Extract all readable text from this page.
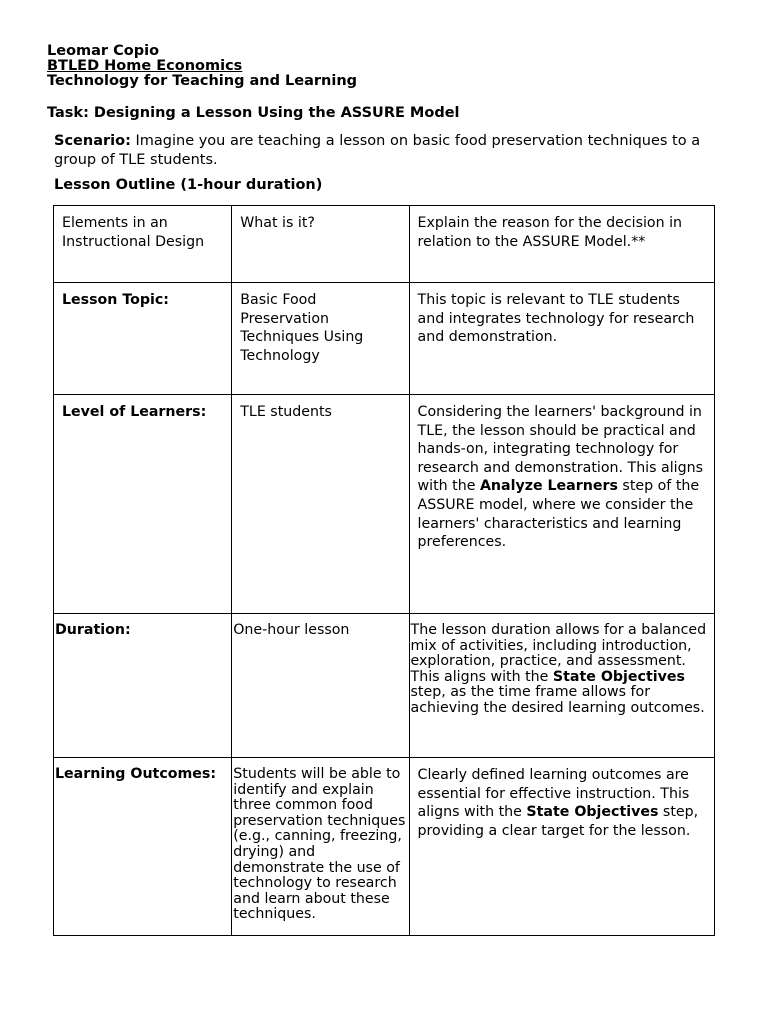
Leomar Copio
BTLED Home Economics
Technology for Teaching and Learning
Task: Designing a Lesson Using the ASSURE Model
Scenario: Imagine you are teaching a lesson on basic food preservation techniques to a group of TLE students.
Lesson Outline (1-hour duration)
Elements in an Instructional Design	What is it?	Explain the reason for the decision in relation to the ASSURE Model.**

Lesson Topic:	Basic Food Preservation Techniques Using Technology	This topic is relevant to TLE students and integrates technology for research and demonstration.

Level of Learners:	TLE students	Considering the learners' background in TLE, the lesson should be practical and hands-on, integrating technology for research and demonstration. This aligns with the Analyze Learners step of the ASSURE model, where we consider the learners' characteristics and learning preferences.

Duration:	One-hour lesson	The lesson duration allows for a balanced mix of activities, including introduction, exploration, practice, and assessment. This aligns with the State Objectives step, as the time frame allows for achieving the desired learning outcomes.

Learning Outcomes:	Students will be able to identify and explain three common food preservation techniques (e.g., canning, freezing, drying) and demonstrate the use of technology to research and learn about these techniques.	Clearly defined learning outcomes are essential for effective instruction. This aligns with the State Objectives step, providing a clear target for the lesson.
